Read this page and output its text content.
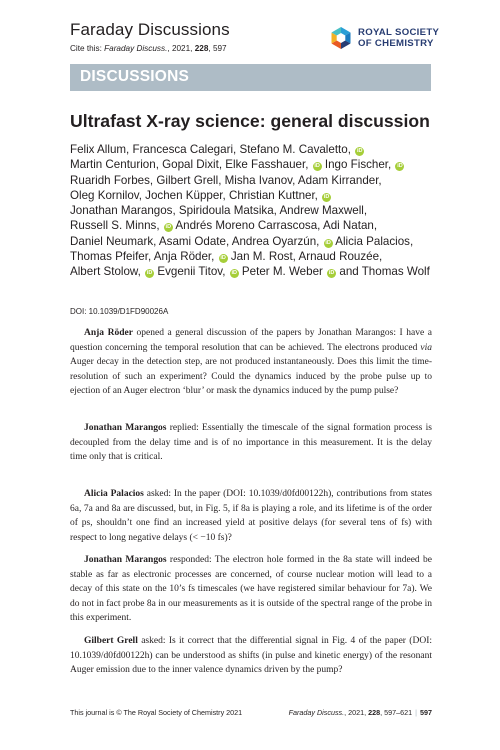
Faraday Discussions
Cite this: Faraday Discuss., 2021, 228, 597
ROYAL SOCIETY
OF CHEMISTRY
DISCUSSIONS
Ultrafast X-ray science: general discussion
Felix Allum, Francesca Calegari, Stefano M. Cavaletto, iD
Martin Centurion, Gopal Dixit, Elke Fasshauer, iD Ingo Fischer, iD
Ruaridh Forbes, Gilbert Grell, Misha Ivanov, Adam Kirrander,
Oleg Kornilov, Jochen Küpper, Christian Kuttner, iD
Jonathan Marangos, Spiridoula Matsika, Andrew Maxwell,
Russell S. Minns, iD Andrés Moreno Carrascosa, Adi Natan,
Daniel Neumark, Asami Odate, Andrea Oyarzún, iD Alicia Palacios,
Thomas Pfeifer, Anja Röder, iD Jan M. Rost, Arnaud Rouzée,
Albert Stolow, iD Evgenii Titov, iD Peter M. Weber iD and Thomas Wolf
DOI: 10.1039/D1FD90026A

Anja Röder opened a general discussion of the papers by Jonathan Marangos: I have a question concerning the temporal resolution that can be achieved. The electrons produced via Auger decay in the detection step, are not produced instantaneously. Does this limit the time-resolution of such an experiment? Could the dynamics induced by the probe pulse up to ejection of an Auger electron ‘blur’ or mask the dynamics induced by the pump pulse?

Jonathan Marangos replied: Essentially the timescale of the signal formation process is decoupled from the delay time and is of no importance in this measurement. It is the delay time only that is critical.

Alicia Palacios asked: In the paper (DOI: 10.1039/d0fd00122h), contributions from states 6a, 7a and 8a are discussed, but, in Fig. 5, if 8a is playing a role, and its lifetime is of the order of ps, shouldn’t one find an increased yield at positive delays (for several tens of fs) with respect to long negative delays (< −10 fs)?

Jonathan Marangos responded: The electron hole formed in the 8a state will indeed be stable as far as electronic processes are concerned, of course nuclear motion will lead to a decay of this state on the 10’s fs timescales (we have registered similar behaviour for 7a). We do not in fact probe 8a in our measurements as it is outside of the spectral range of the probe in this experiment.

Gilbert Grell asked: Is it correct that the differential signal in Fig. 4 of the paper (DOI: 10.1039/d0fd00122h) can be understood as shifts (in pulse and kinetic energy) of the resonant Auger emission due to the inner valence dynamics driven by the pump?

This journal is © The Royal Society of Chemistry 2021	Faraday Discuss., 2021, 228, 597–621 | 597
